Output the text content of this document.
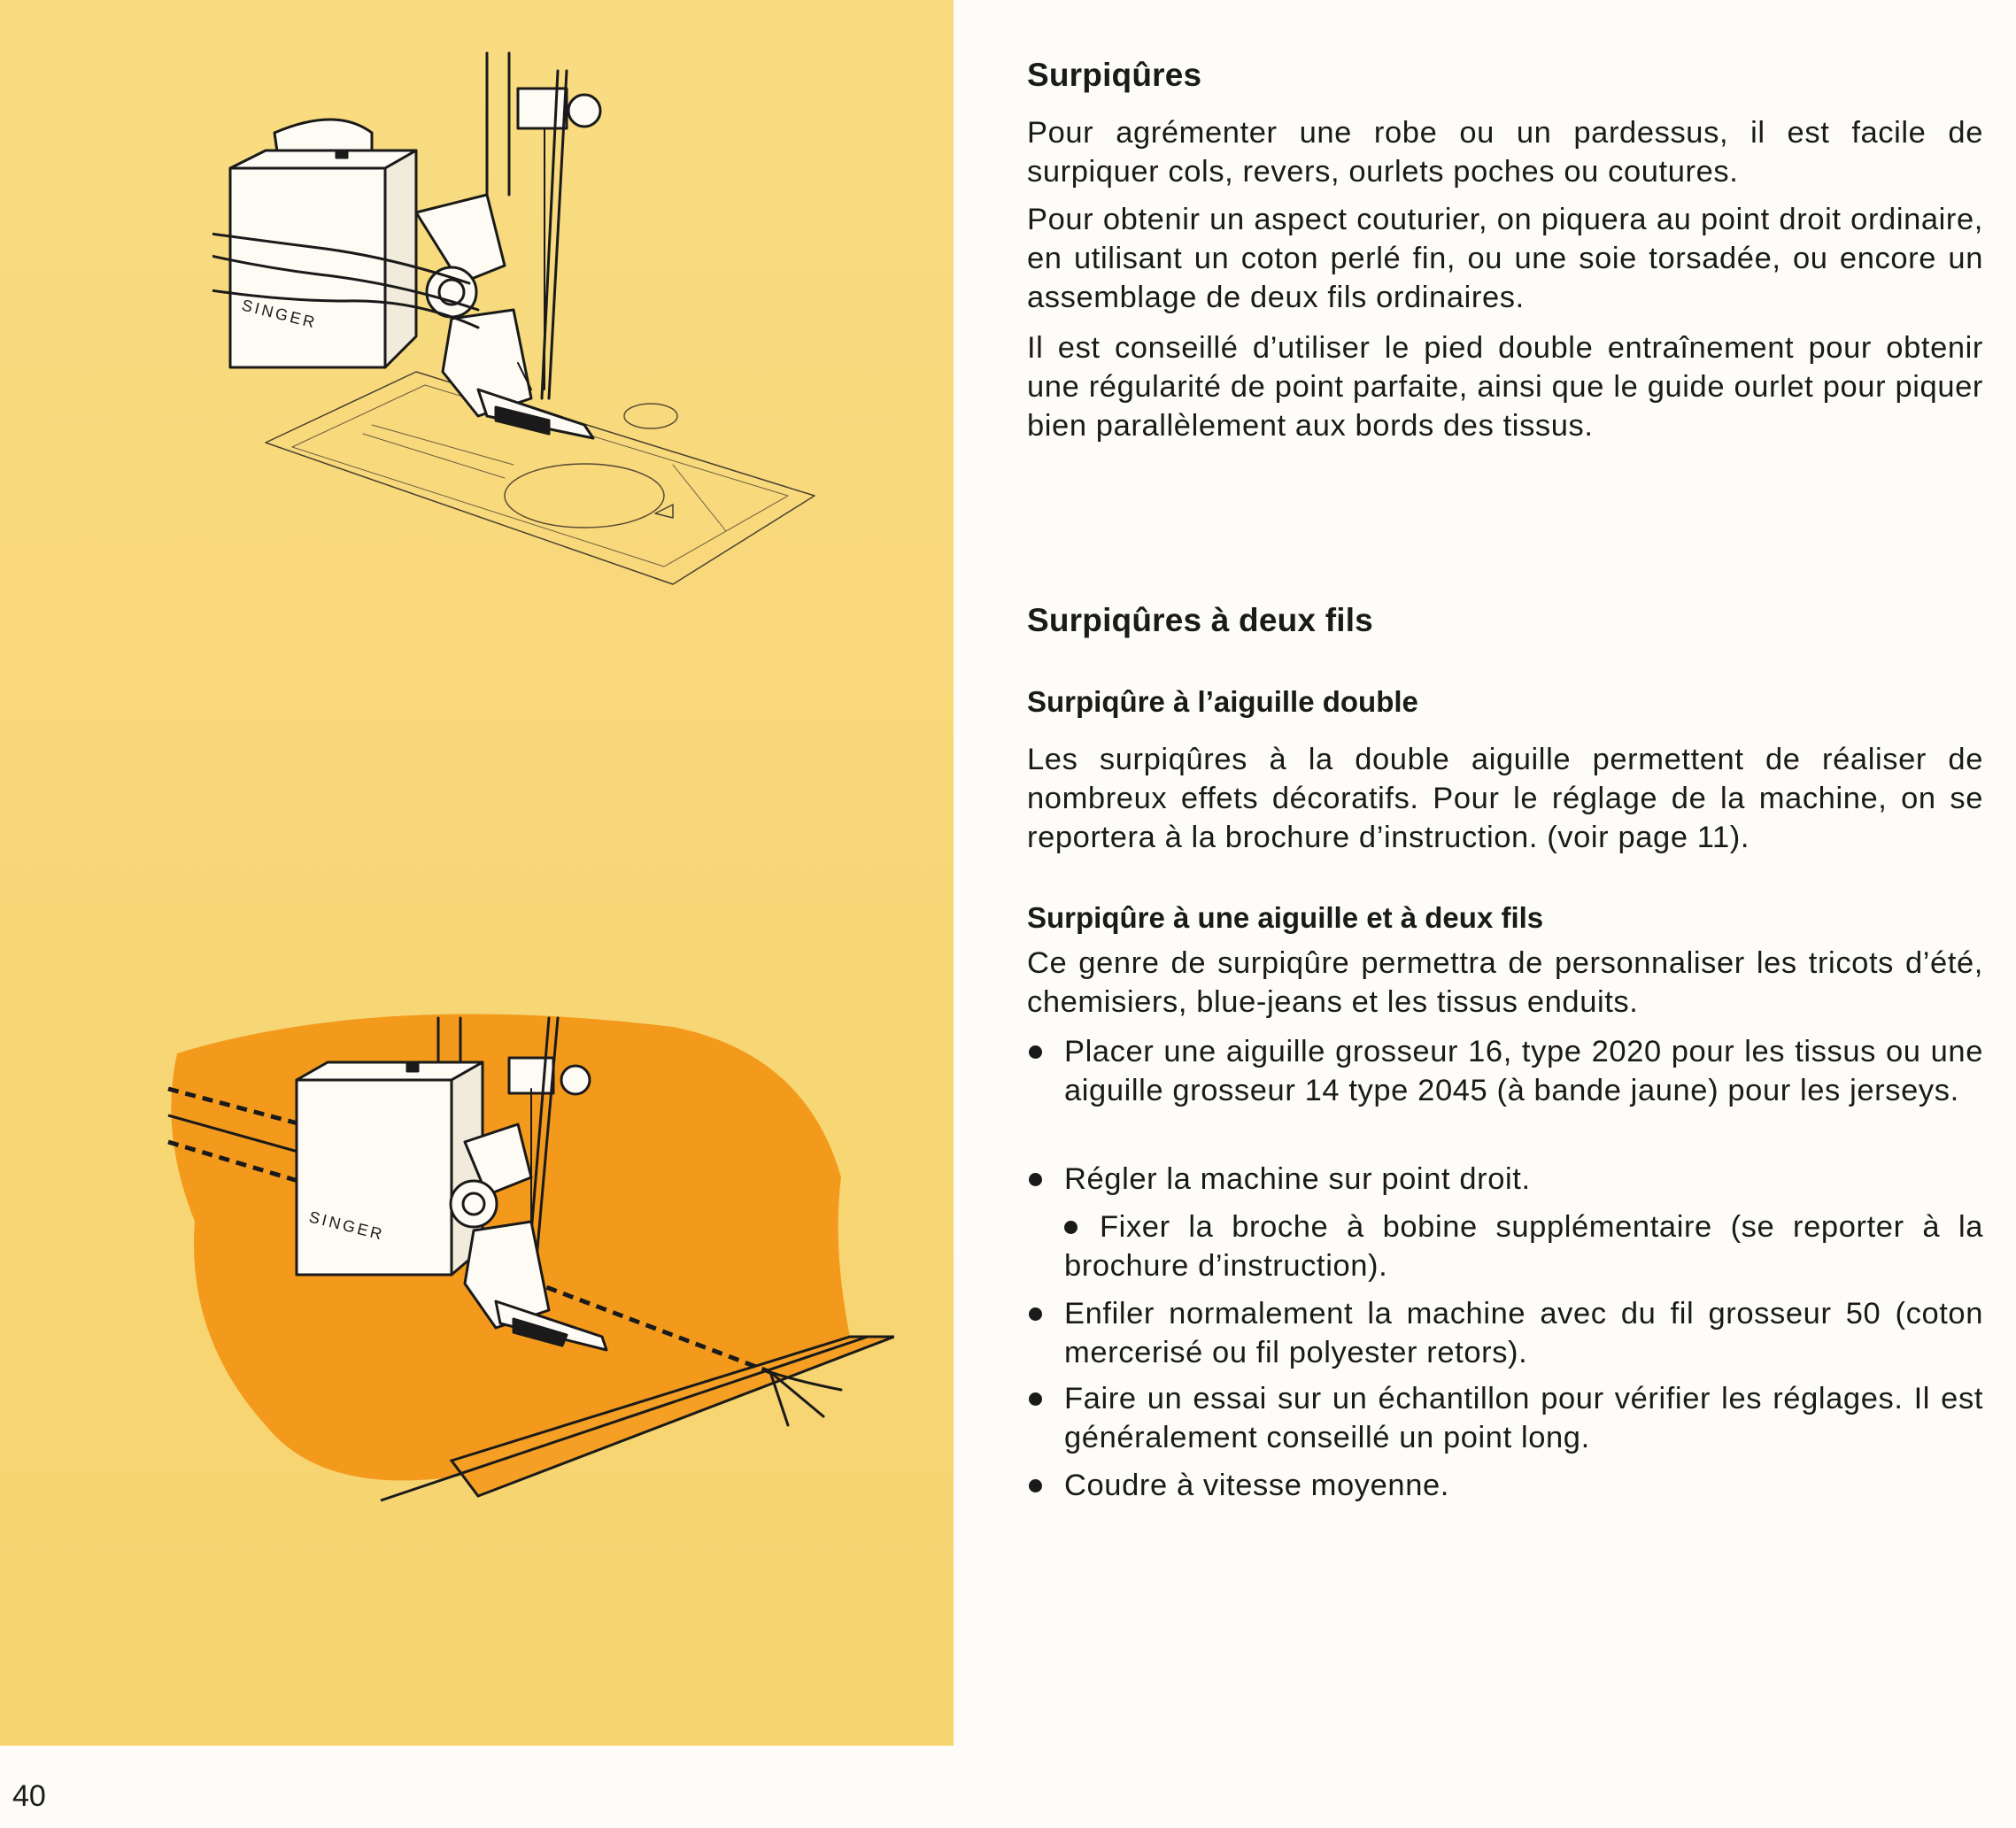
SINGER
SINGER
40
Surpiqûres

Pour agrémenter une robe ou un pardessus, il est facile de surpiquer cols, revers, ourlets poches ou coutures.

Pour obtenir un aspect couturier, on piquera au point droit ordinaire, en utilisant un coton perlé fin, ou une soie torsadée, ou encore un assemblage de deux fils ordinaires.

Il est conseillé d’utiliser le pied double entraînement pour obtenir une régularité de point parfaite, ainsi que le guide ourlet pour piquer bien parallèlement aux bords des tissus.

Surpiqûres à deux fils
Surpiqûre à l’aiguille double

Les surpiqûres à la double aiguille permettent de réaliser de nombreux effets décoratifs. Pour le réglage de la machine, on se reportera à la brochure d’instruction. (voir page 11).

Surpiqûre à une aiguille et à deux fils

Ce genre de surpiqûre permettra de personnaliser les tricots d’été, chemisiers, blue-jeans et les tissus enduits.

Placer une aiguille grosseur 16, type 2020 pour les tissus ou une aiguille grosseur 14 type 2045 (à bande jaune) pour les jerseys.
Régler la machine sur point droit.
Fixer la broche à bobine supplémentaire (se reporter à la brochure d’instruction).
Enfiler normalement la machine avec du fil grosseur 50 (coton mercerisé ou fil polyester retors).
Faire un essai sur un échantillon pour vérifier les réglages. Il est généralement conseillé un point long.
Coudre à vitesse moyenne.
